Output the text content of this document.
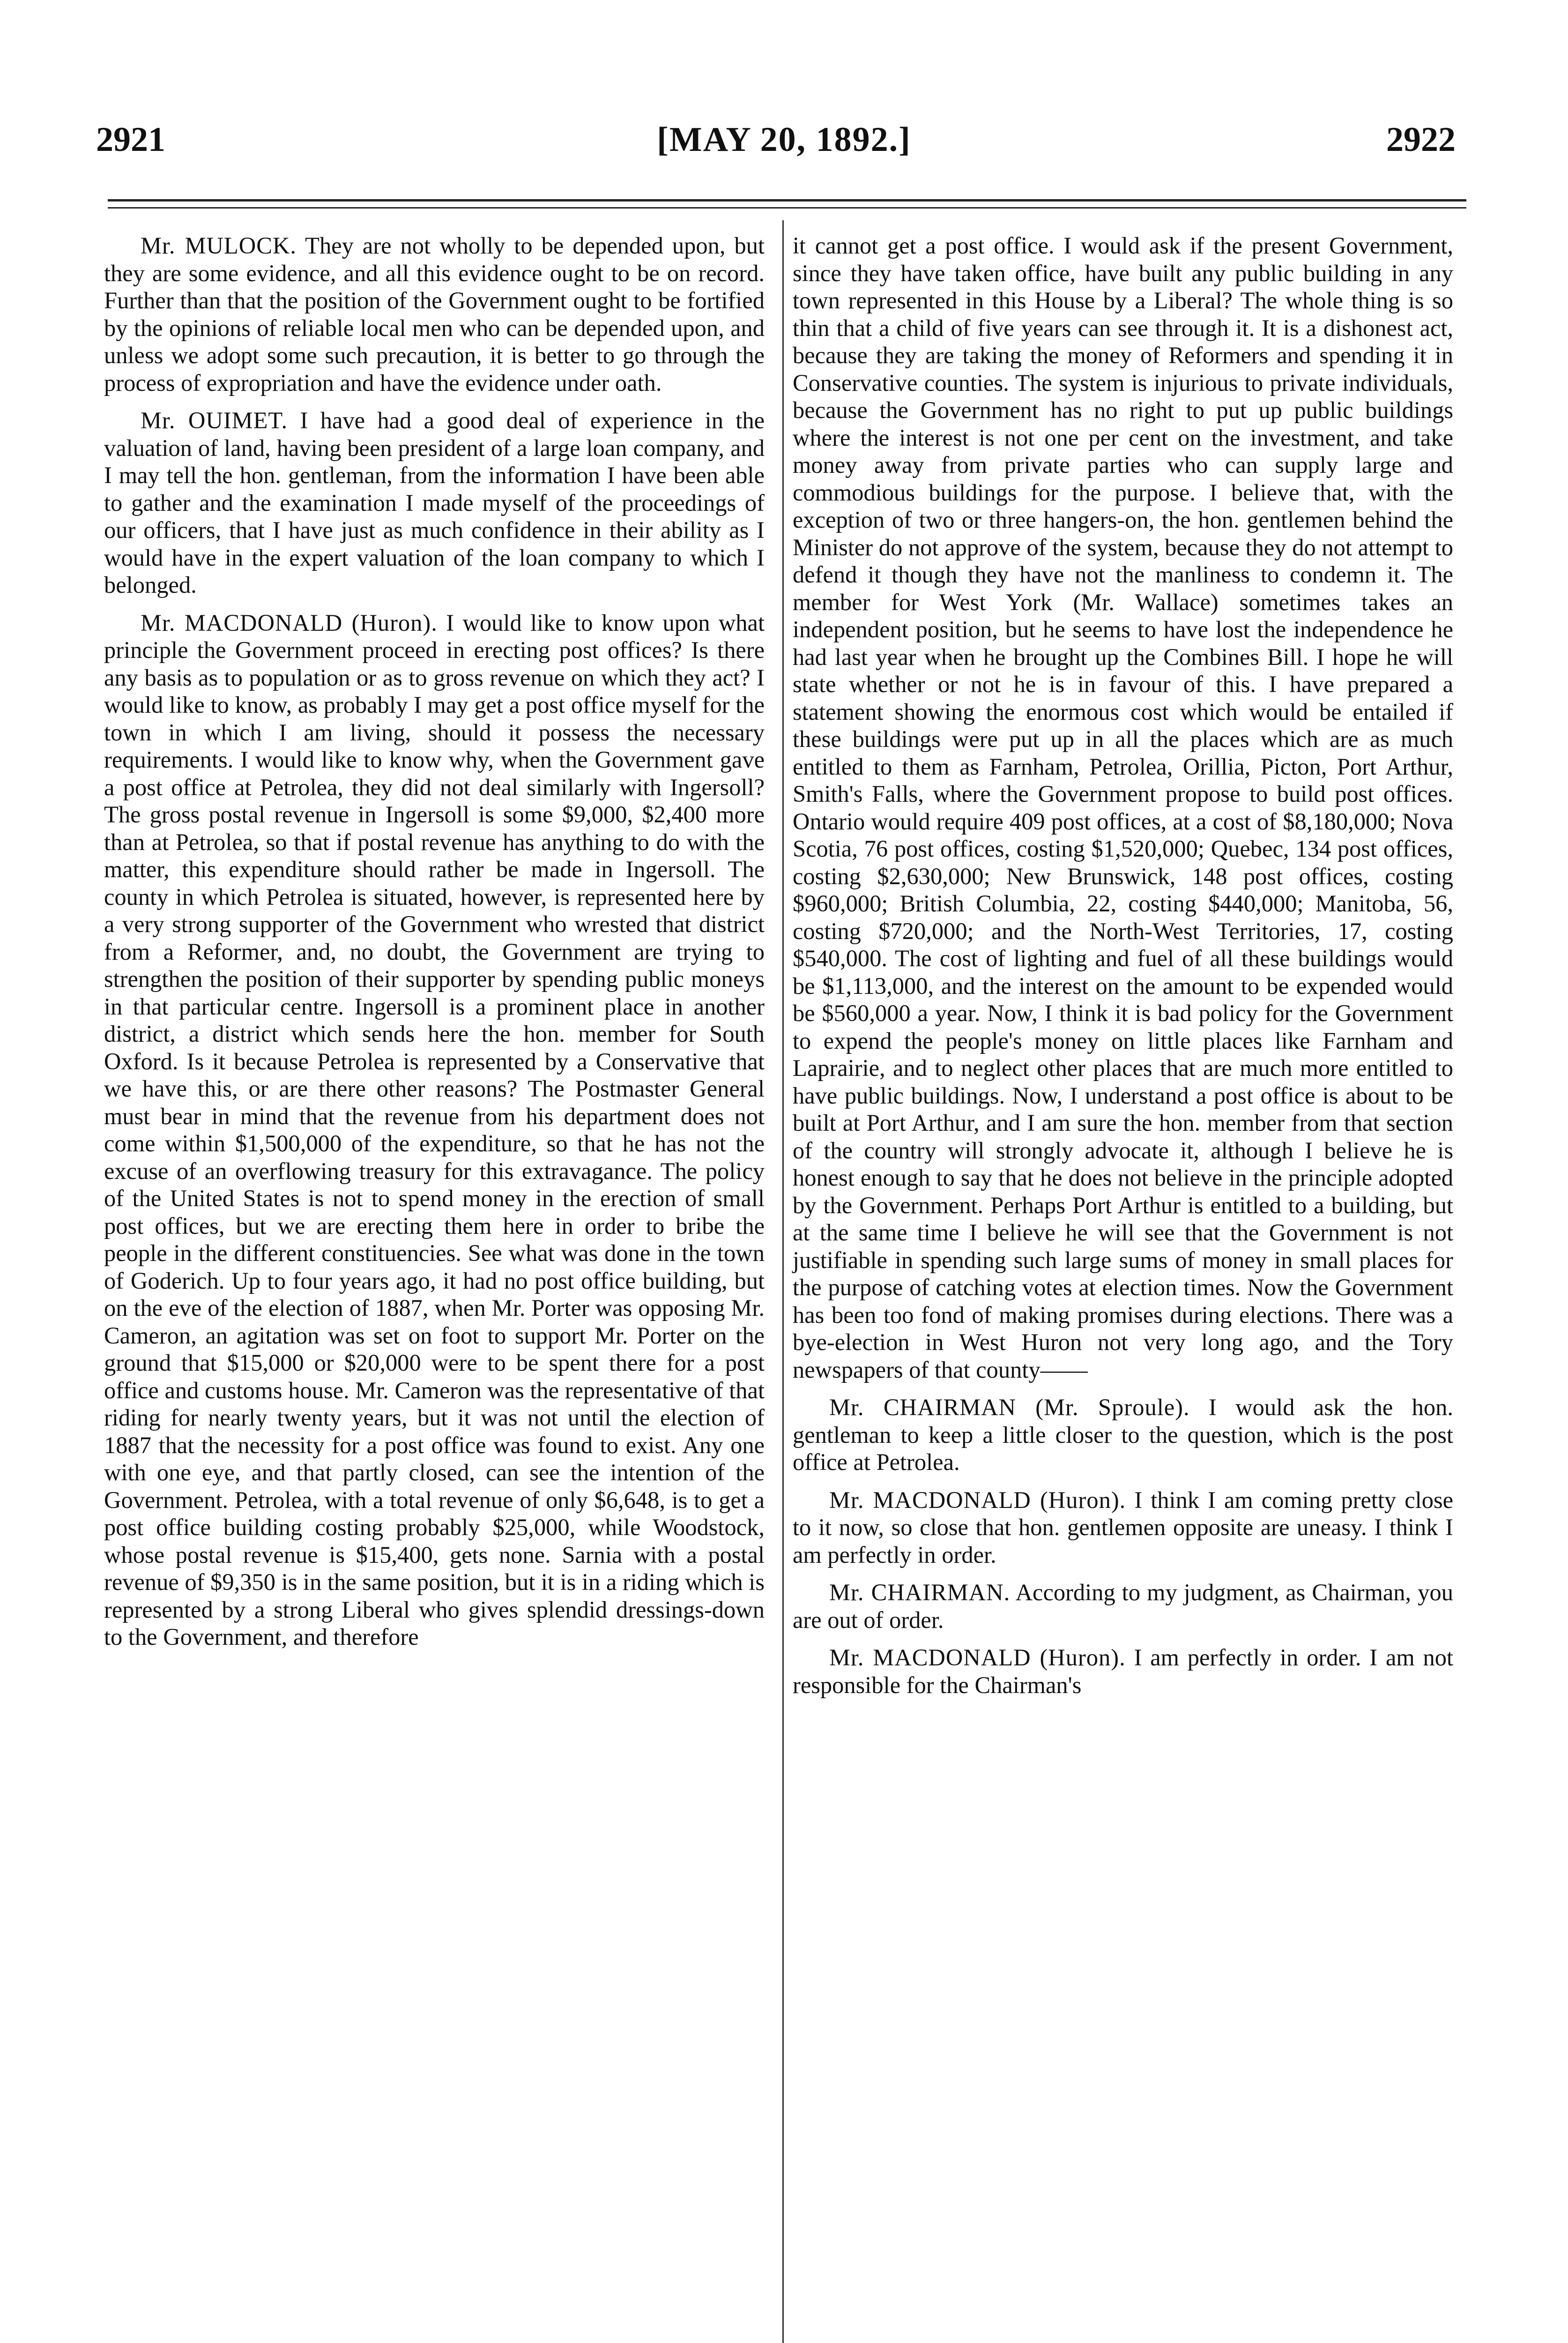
2921	[MAY 20, 1892.]	2922

Mr. MULOCK. They are not wholly to be depended upon, but they are some evidence, and all this evidence ought to be on record. Further than that the position of the Government ought to be fortified by the opinions of reliable local men who can be depended upon, and unless we adopt some such precaution, it is better to go through the process of expropriation and have the evidence under oath.

Mr. OUIMET. I have had a good deal of experience in the valuation of land, having been president of a large loan company, and I may tell the hon. gentleman, from the information I have been able to gather and the examination I made myself of the proceedings of our officers, that I have just as much confidence in their ability as I would have in the expert valuation of the loan company to which I belonged.

Mr. MACDONALD (Huron). I would like to know upon what principle the Government proceed in erecting post offices? Is there any basis as to population or as to gross revenue on which they act? I would like to know, as probably I may get a post office myself for the town in which I am living, should it possess the necessary requirements. I would like to know why, when the Government gave a post office at Petrolea, they did not deal similarly with Ingersoll? The gross postal revenue in Ingersoll is some $9,000, $2,400 more than at Petrolea, so that if postal revenue has anything to do with the matter, this expenditure should rather be made in Ingersoll. The county in which Petrolea is situated, however, is represented here by a very strong supporter of the Government who wrested that district from a Reformer, and, no doubt, the Government are trying to strengthen the position of their supporter by spending public moneys in that particular centre. Ingersoll is a prominent place in another district, a district which sends here the hon. member for South Oxford. Is it because Petrolea is represented by a Conservative that we have this, or are there other reasons? The Postmaster General must bear in mind that the revenue from his department does not come within $1,500,000 of the expenditure, so that he has not the excuse of an overflowing treasury for this extravagance. The policy of the United States is not to spend money in the erection of small post offices, but we are erecting them here in order to bribe the people in the different constituencies. See what was done in the town of Goderich. Up to four years ago, it had no post office building, but on the eve of the election of 1887, when Mr. Porter was opposing Mr. Cameron, an agitation was set on foot to support Mr. Porter on the ground that $15,000 or $20,000 were to be spent there for a post office and customs house. Mr. Cameron was the representative of that riding for nearly twenty years, but it was not until the election of 1887 that the necessity for a post office was found to exist. Any one with one eye, and that partly closed, can see the intention of the Government. Petrolea, with a total revenue of only $6,648, is to get a post office building costing probably $25,000, while Woodstock, whose postal revenue is $15,400, gets none. Sarnia with a postal revenue of $9,350 is in the same position, but it is in a riding which is represented by a strong Liberal who gives splendid dressings-down to the Government, and therefore

it cannot get a post office. I would ask if the present Government, since they have taken office, have built any public building in any town represented in this House by a Liberal? The whole thing is so thin that a child of five years can see through it. It is a dishonest act, because they are taking the money of Reformers and spending it in Conservative counties. The system is injurious to private individuals, because the Government has no right to put up public buildings where the interest is not one per cent on the investment, and take money away from private parties who can supply large and commodious buildings for the purpose. I believe that, with the exception of two or three hangers-on, the hon. gentlemen behind the Minister do not approve of the system, because they do not attempt to defend it though they have not the manliness to condemn it. The member for West York (Mr. Wallace) sometimes takes an independent position, but he seems to have lost the independence he had last year when he brought up the Combines Bill. I hope he will state whether or not he is in favour of this. I have prepared a statement showing the enormous cost which would be entailed if these buildings were put up in all the places which are as much entitled to them as Farnham, Petrolea, Orillia, Picton, Port Arthur, Smith's Falls, where the Government propose to build post offices. Ontario would require 409 post offices, at a cost of $8,180,000; Nova Scotia, 76 post offices, costing $1,520,000; Quebec, 134 post offices, costing $2,630,000; New Brunswick, 148 post offices, costing $960,000; British Columbia, 22, costing $440,000; Manitoba, 56, costing $720,000; and the North-West Territories, 17, costing $540,000. The cost of lighting and fuel of all these buildings would be $1,113,000, and the interest on the amount to be expended would be $560,000 a year. Now, I think it is bad policy for the Government to expend the people's money on little places like Farnham and Laprairie, and to neglect other places that are much more entitled to have public buildings. Now, I understand a post office is about to be built at Port Arthur, and I am sure the hon. member from that section of the country will strongly advocate it, although I believe he is honest enough to say that he does not believe in the principle adopted by the Government. Perhaps Port Arthur is entitled to a building, but at the same time I believe he will see that the Government is not justifiable in spending such large sums of money in small places for the purpose of catching votes at election times. Now the Government has been too fond of making promises during elections. There was a bye-election in West Huron not very long ago, and the Tory newspapers of that county——

Mr. CHAIRMAN (Mr. Sproule). I would ask the hon. gentleman to keep a little closer to the question, which is the post office at Petrolea.

Mr. MACDONALD (Huron). I think I am coming pretty close to it now, so close that hon. gentlemen opposite are uneasy. I think I am perfectly in order.

Mr. CHAIRMAN. According to my judgment, as Chairman, you are out of order.

Mr. MACDONALD (Huron). I am perfectly in order. I am not responsible for the Chairman's
